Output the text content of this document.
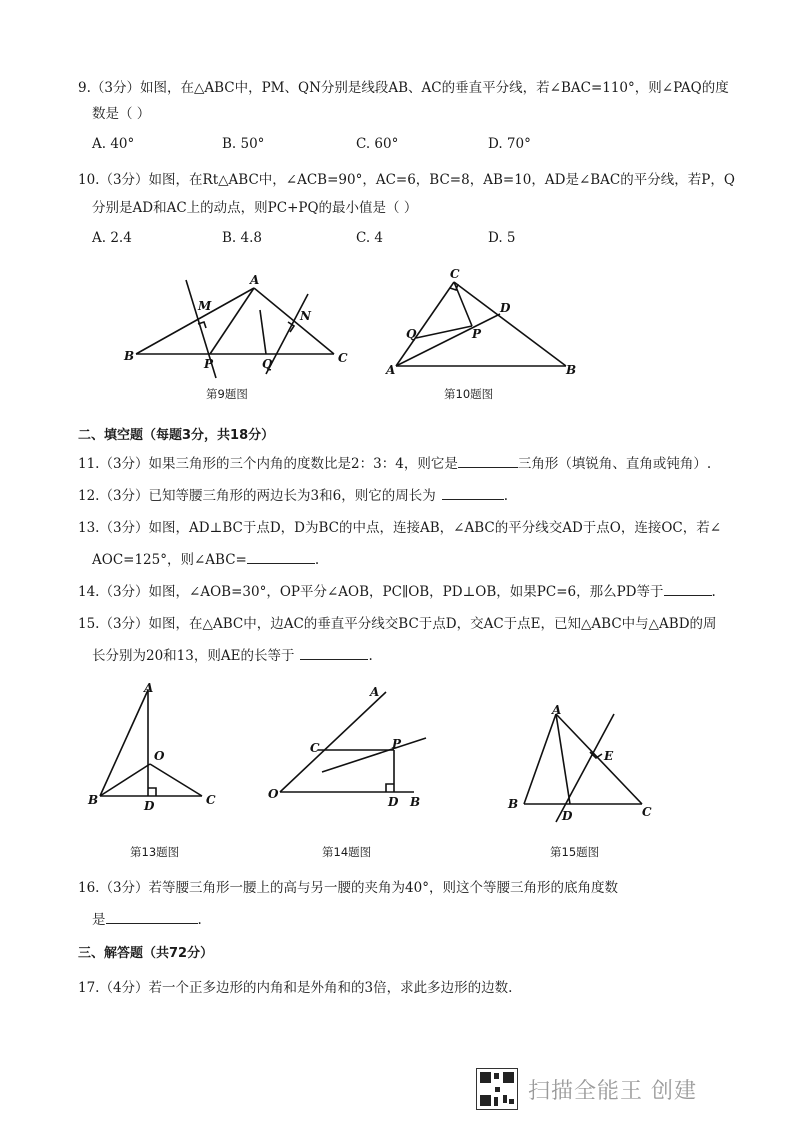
9.（3分）如图，在△ABC中，PM、QN分别是线段AB、AC的垂直平分线，若∠BAC=110°，则∠PAQ的度
数是（ ）
A. 40°	B. 50°	C. 60°	D. 70°
10.（3分）如图，在Rt△ABC中，∠ACB=90°，AC=6，BC=8，AB=10，AD是∠BAC的平分线，若P，Q
分别是AD和AC上的动点，则PC+PQ的最小值是（ ）
A. 2.4	B. 4.8	C. 4	D. 5
A
B	C
M
N
P	Q
第9题图
C
D
Q	P
A	B
第10题图
二、填空题（每题3分，共18分）
11.（3分）如果三角形的三个内角的度数比是2：3：4，则它是	三角形（填锐角、直角或钝角）.
12.（3分）已知等腰三角形的两边长为3和6，则它的周长为	.
13.（3分）如图，AD⊥BC于点D，D为BC的中点，连接AB，∠ABC的平分线交AD于点O，连接OC，若∠
AOC=125°，则∠ABC=	.
14.（3分）如图，∠AOB=30°，OP平分∠AOB，PC∥OB，PD⊥OB，如果PC=6，那么PD等于	.
15.（3分）如图，在△ABC中，边AC的垂直平分线交BC于点D，交AC于点E，已知△ABC中与△ABD的周
长分别为20和13，则AE的长等于	.
A
O
B	D	C
第13题图
A
C	P
O
D B
第14题图
A
E
B
D	C
第15题图
16.（3分）若等腰三角形一腰上的高与另一腰的夹角为40°，则这个等腰三角形的底角度数
是	.
三、解答题（共72分）
17.（4分）若一个正多边形的内角和是外角和的3倍，求此多边形的边数.
扫描全能王 创建
